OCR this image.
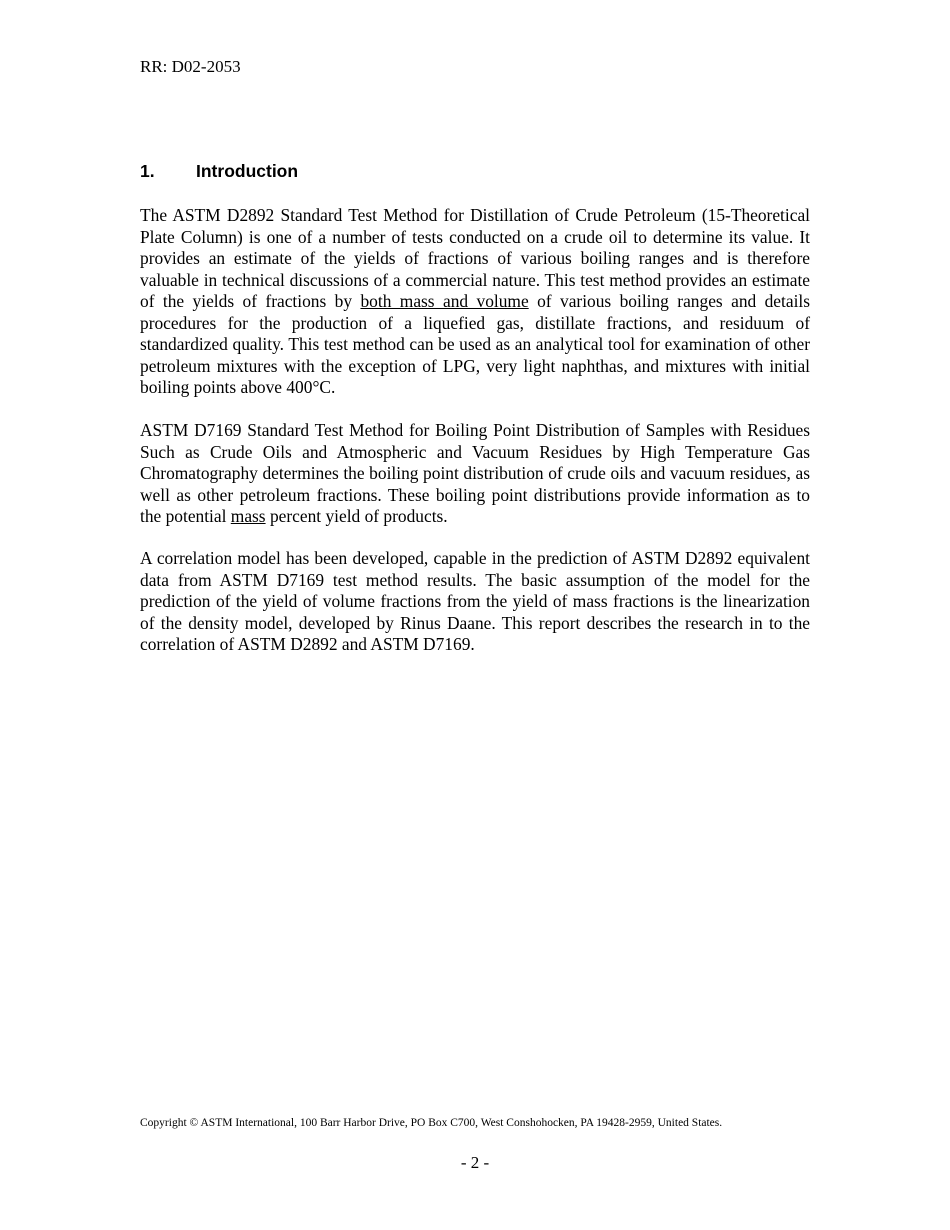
RR: D02-2053
1. Introduction

The ASTM D2892 Standard Test Method for Distillation of Crude Petroleum (15-Theoretical Plate Column) is one of a number of tests conducted on a crude oil to determine its value. It provides an estimate of the yields of fractions of various boiling ranges and is therefore valuable in technical discussions of a commercial nature. This test method provides an estimate of the yields of fractions by both mass and volume of various boiling ranges and details procedures for the production of a liquefied gas, distillate fractions, and residuum of standardized quality. This test method can be used as an analytical tool for examination of other petroleum mixtures with the exception of LPG, very light naphthas, and mixtures with initial boiling points above 400°C.

ASTM D7169 Standard Test Method for Boiling Point Distribution of Samples with Residues Such as Crude Oils and Atmospheric and Vacuum Residues by High Temperature Gas Chromatography determines the boiling point distribution of crude oils and vacuum residues, as well as other petroleum fractions. These boiling point distributions provide information as to the potential mass percent yield of products.

A correlation model has been developed, capable in the prediction of ASTM D2892 equivalent data from ASTM D7169 test method results. The basic assumption of the model for the prediction of the yield of volume fractions from the yield of mass fractions is the linearization of the density model, developed by Rinus Daane. This report describes the research in to the correlation of ASTM D2892 and ASTM D7169.

Copyright © ASTM International, 100 Barr Harbor Drive, PO Box C700, West Conshohocken, PA 19428-2959, United States.
- 2 -
